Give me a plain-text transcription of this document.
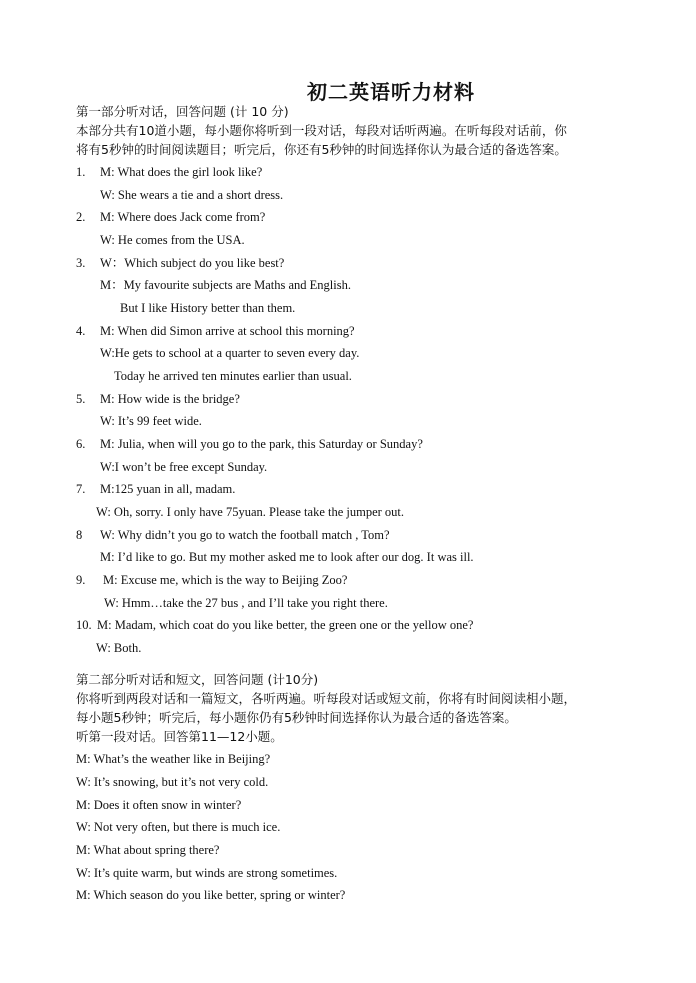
初二英语听力材料
第一部分听对话，回答问题 (计 10 分)
本部分共有10道小题，每小题你将听到一段对话，每段对话听两遍。在听每段对话前，你
将有5秒钟的时间阅读题目；听完后，你还有5秒钟的时间选择你认为最合适的备选答案。
1. M: What does the girl look like?
W: She wears a tie and a short dress.
2. M: Where does Jack come from?
W: He comes from the USA.
3. W：Which subject do you like best?
M：My favourite subjects are Maths and English.
But I like History better than them.
4. M: When did Simon arrive at school this morning?
W:He gets to school at a quarter to seven every day.
Today he arrived ten minutes earlier than usual.
5. M: How wide is the bridge?
W: It’s 99 feet wide.
6. M: Julia, when will you go to the park, this Saturday or Sunday?
W:I won’t be free except Sunday.
7. M:125 yuan in all, madam.
W: Oh, sorry. I only have 75yuan. Please take the jumper out.
8 W: Why didn’t you go to watch the football match , Tom?
M: I’d like to go. But my mother asked me to look after our dog. It was ill.
9. M: Excuse me, which is the way to Beijing Zoo?
W: Hmm…take the 27 bus , and I’ll take you right there.
10. M: Madam, which coat do you like better, the green one or the yellow one?
W: Both.
第二部分听对话和短文，回答问题 (计10分)
你将听到两段对话和一篇短文，各听两遍。听每段对话或短文前，你将有时间阅读相小题，
每小题5秒钟；听完后，每小题你仍有5秒钟时间选择你认为最合适的备选答案。
听第一段对话。回答第11—12小题。
M: What’s the weather like in Beijing?
W: It’s snowing, but it’s not very cold.
M: Does it often snow in winter?
W: Not very often, but there is much ice.
M: What about spring there?
W: It’s quite warm, but winds are strong sometimes.
M: Which season do you like better, spring or winter?
